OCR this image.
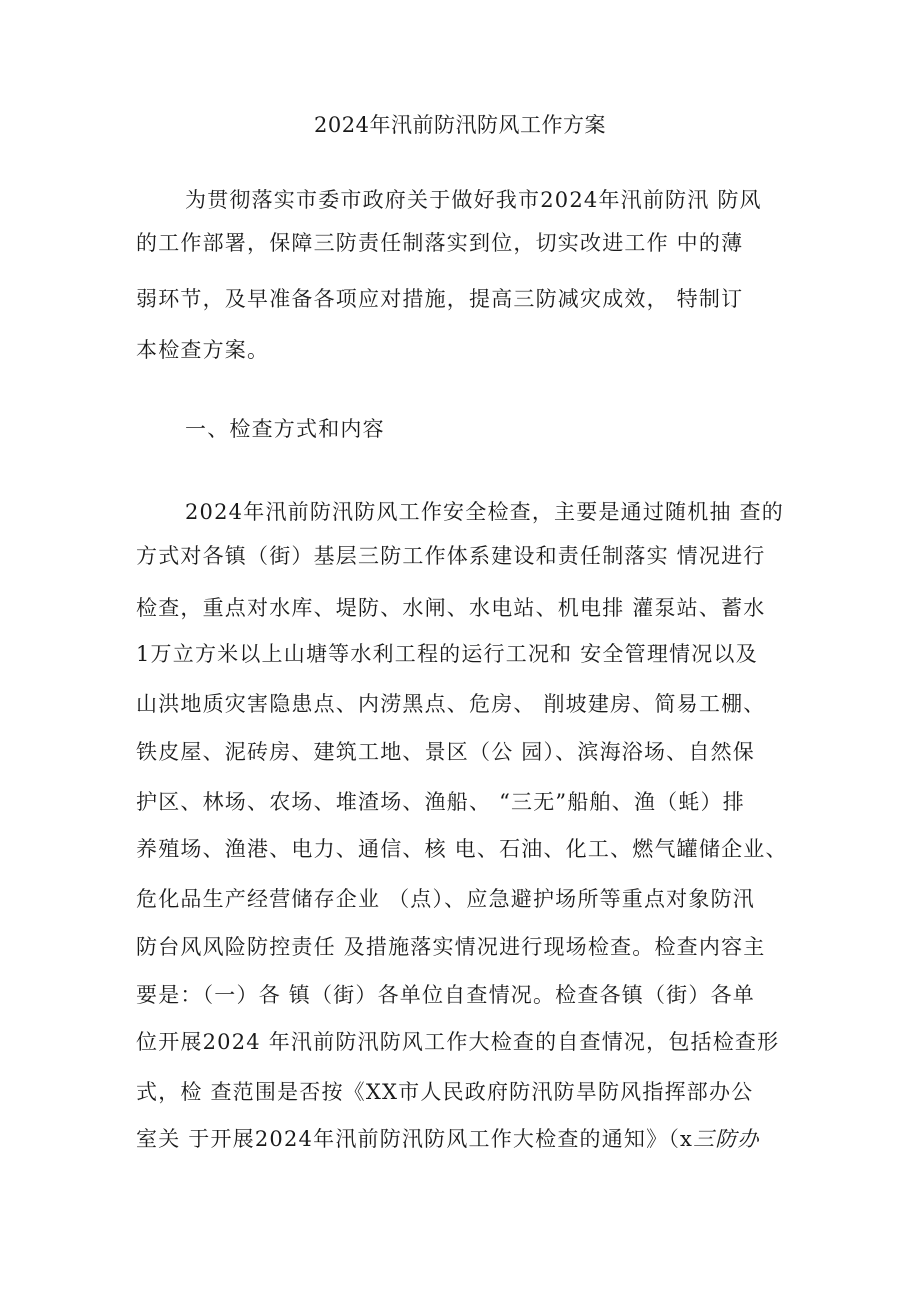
2024年汛前防汛防风工作方案
为贯彻落实市委市政府关于做好我市2024年汛前防汛 防风
的工作部署，保障三防责任制落实到位，切实改进工作 中的薄
弱环节，及早准备各项应对措施，提高三防减灾成效， 特制订
本检查方案。
一、检查方式和内容
2024年汛前防汛防风工作安全检查，主要是通过随机抽 查的
方式对各镇（街）基层三防工作体系建设和责任制落实 情况进行
检查，重点对水库、堤防、水闸、水电站、机电排 灌泵站、蓄水
1万立方米以上山塘等水利工程的运行工况和 安全管理情况以及
山洪地质灾害隐患点、内涝黑点、危房、 削坡建房、简易工棚、
铁皮屋、泥砖房、建筑工地、景区（公 园）、滨海浴场、自然保
护区、林场、农场、堆渣场、渔船、 “三无”船舶、渔（蚝）排
养殖场、渔港、电力、通信、核 电、石油、化工、燃气罐储企业、
危化品生产经营储存企业 （点）、应急避护场所等重点对象防汛
防台风风险防控责任 及措施落实情况进行现场检查。检查内容主
要是：（一）各 镇（街）各单位自查情况。检查各镇（街）各单
位开展2024 年汛前防汛防风工作大检查的自查情况，包括检查形
式，检 查范围是否按《XX市人民政府防汛防旱防风指挥部办公
室关 于开展2024年汛前防汛防风工作大检查的通知》（x三防办
